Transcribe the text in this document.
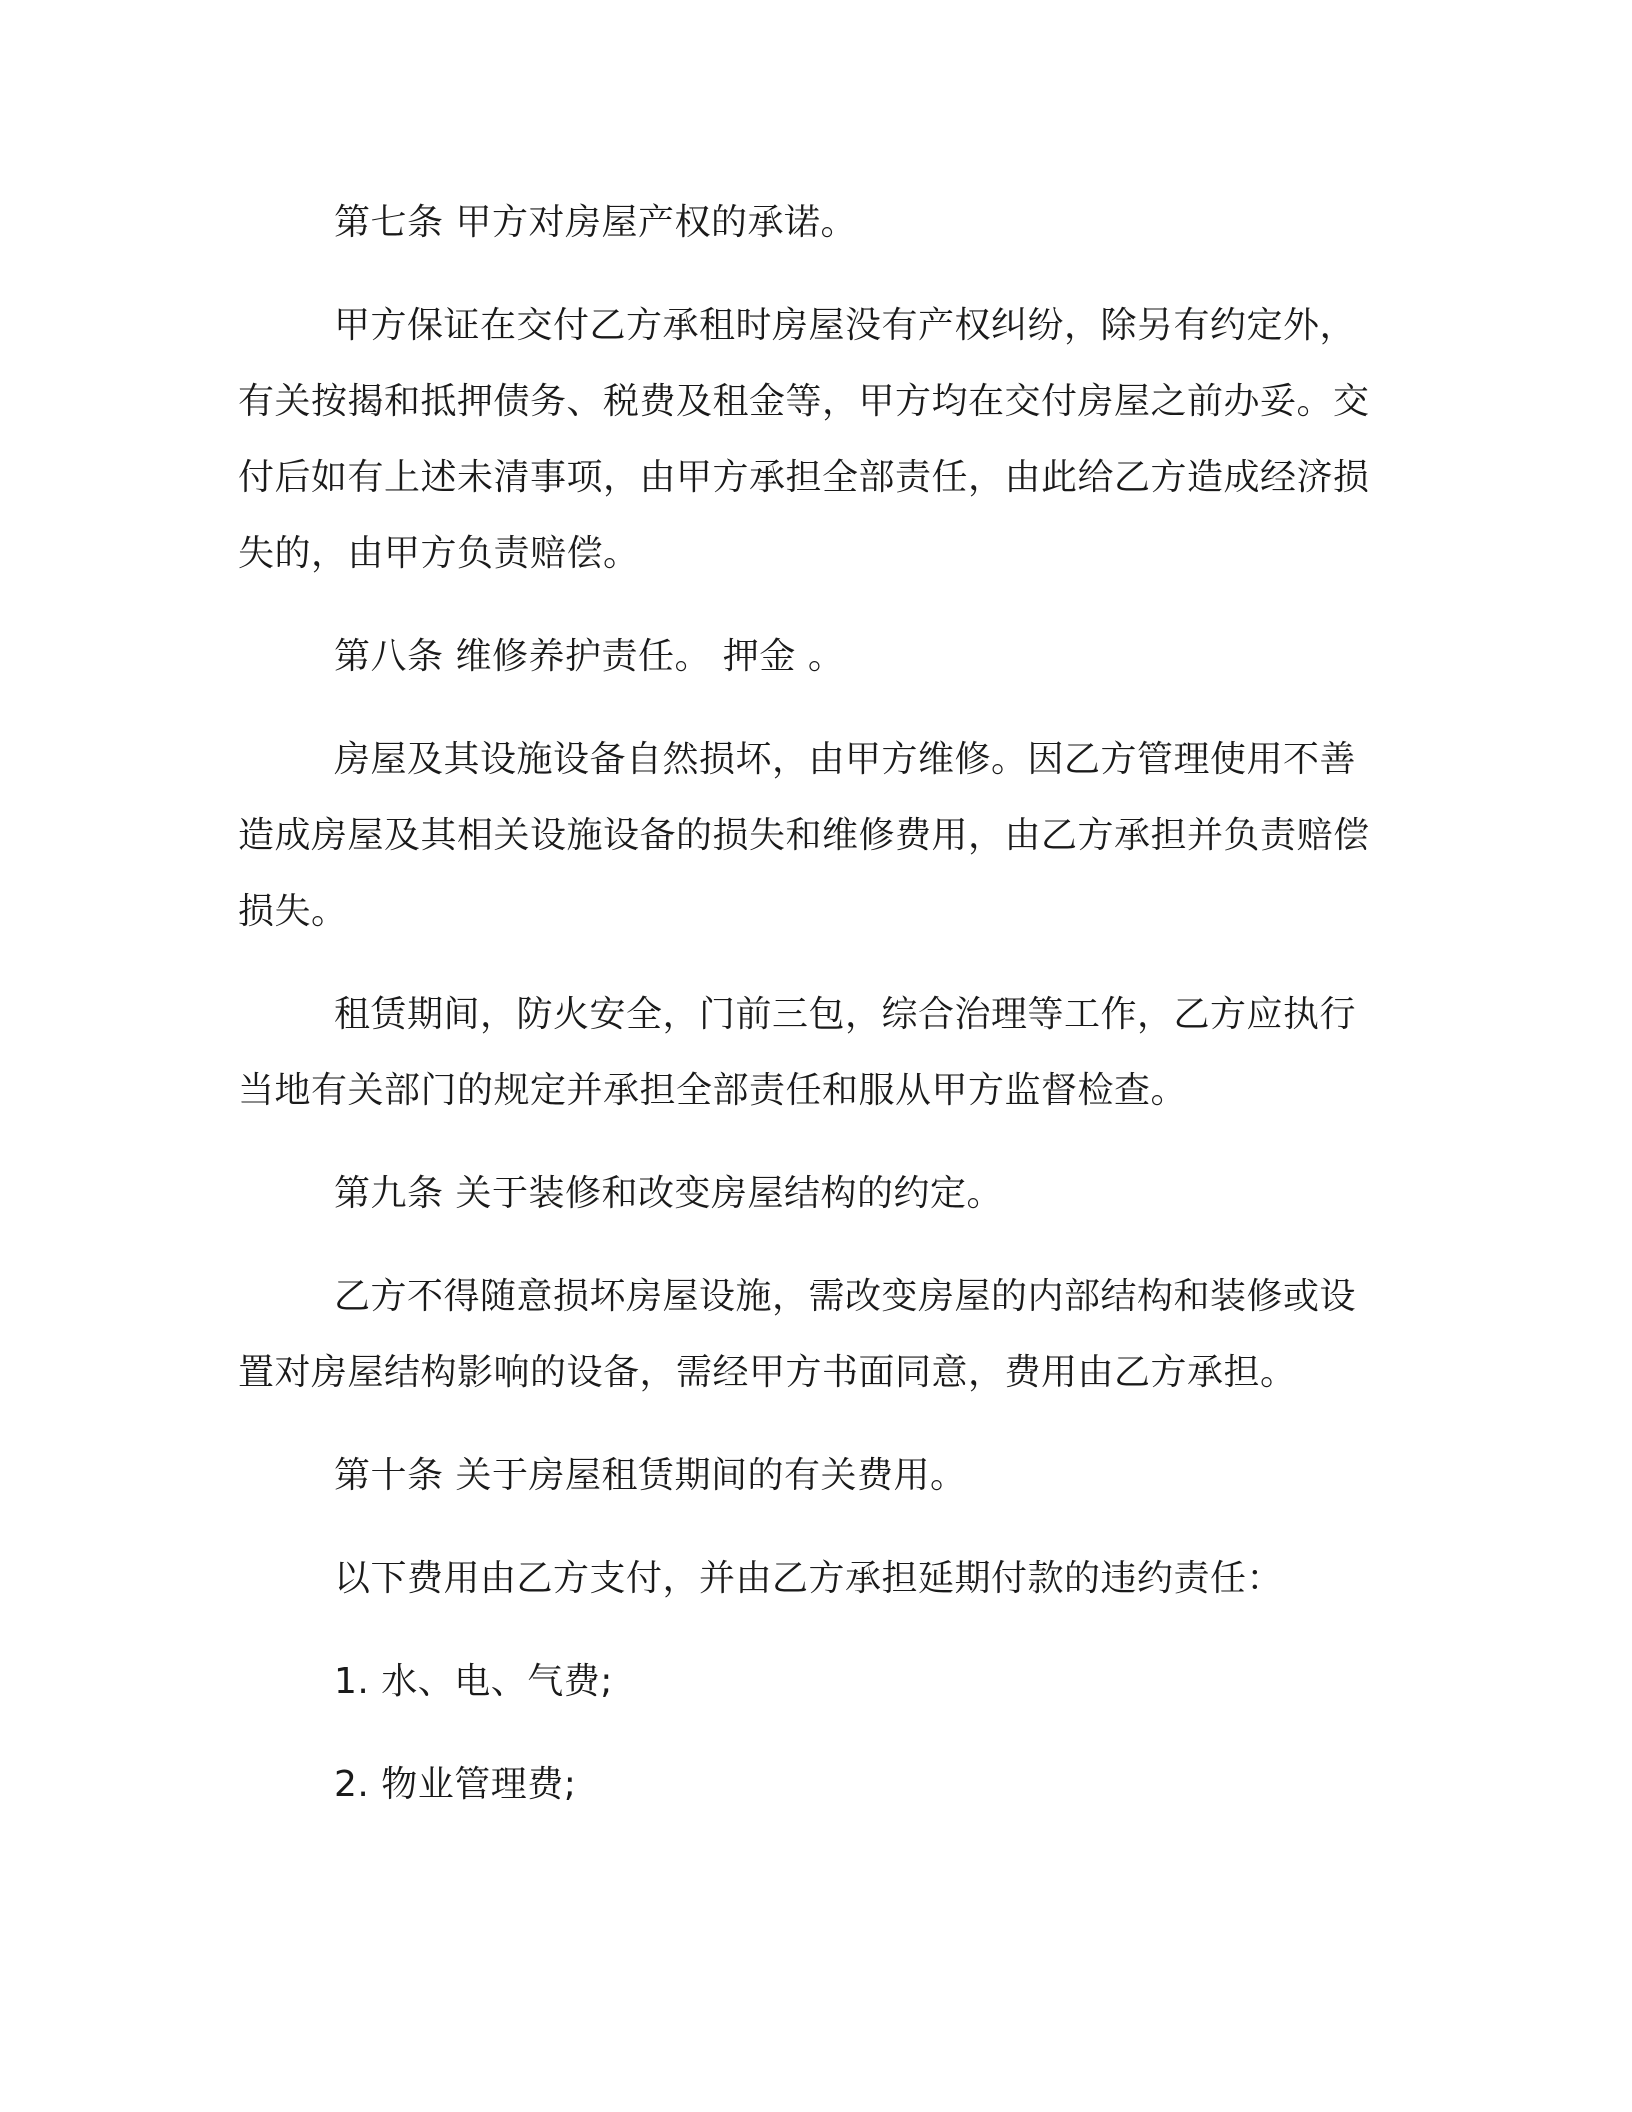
第七条 甲方对房屋产权的承诺。

甲方保证在交付乙方承租时房屋没有产权纠纷，除另有约定外，有关按揭和抵押债务、税费及租金等，甲方均在交付房屋之前办妥。交付后如有上述未清事项，由甲方承担全部责任，由此给乙方造成经济损失的，由甲方负责赔偿。

第八条 维修养护责任。 押金 。

房屋及其设施设备自然损坏，由甲方维修。因乙方管理使用不善造成房屋及其相关设施设备的损失和维修费用，由乙方承担并负责赔偿损失。

租赁期间，防火安全，门前三包，综合治理等工作，乙方应执行当地有关部门的规定并承担全部责任和服从甲方监督检查。

第九条 关于装修和改变房屋结构的约定。

乙方不得随意损坏房屋设施，需改变房屋的内部结构和装修或设置对房屋结构影响的设备，需经甲方书面同意，费用由乙方承担。

第十条 关于房屋租赁期间的有关费用。

以下费用由乙方支付，并由乙方承担延期付款的违约责任：

1. 水、电、气费;

2. 物业管理费;
